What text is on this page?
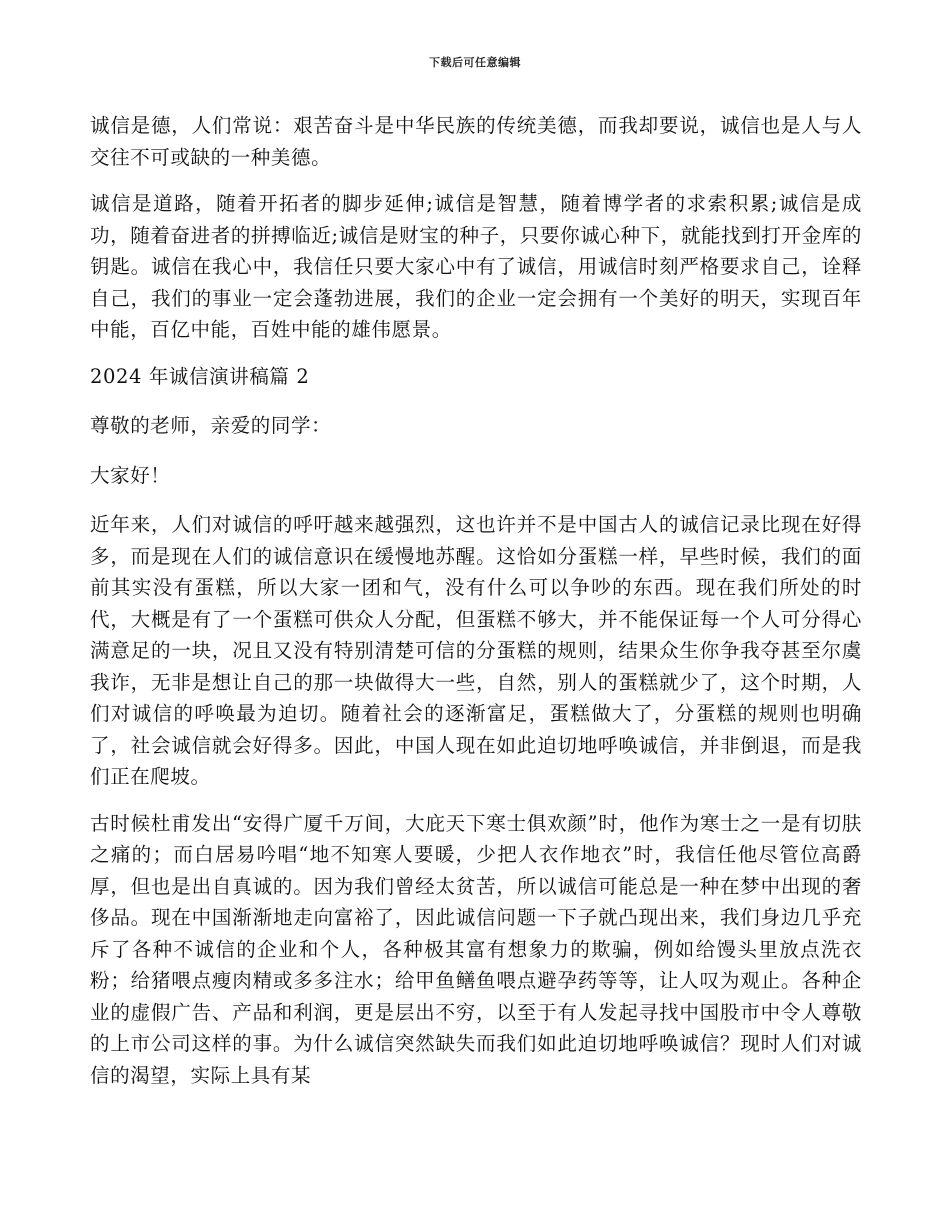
下载后可任意编辑

诚信是德，人们常说：艰苦奋斗是中华民族的传统美德，而我却要说，诚信也是人与人交往不可或缺的一种美德。

诚信是道路，随着开拓者的脚步延伸;诚信是智慧，随着博学者的求索积累;诚信是成功，随着奋进者的拼搏临近;诚信是财宝的种子，只要你诚心种下，就能找到打开金库的钥匙。诚信在我心中，我信任只要大家心中有了诚信，用诚信时刻严格要求自己，诠释自己，我们的事业一定会蓬勃进展，我们的企业一定会拥有一个美好的明天，实现百年中能，百亿中能，百姓中能的雄伟愿景。

2024 年诚信演讲稿篇 2

尊敬的老师，亲爱的同学：

大家好！

近年来，人们对诚信的呼吁越来越强烈，这也许并不是中国古人的诚信记录比现在好得多，而是现在人们的诚信意识在缓慢地苏醒。这恰如分蛋糕一样，早些时候，我们的面前其实没有蛋糕，所以大家一团和气，没有什么可以争吵的东西。现在我们所处的时代，大概是有了一个蛋糕可供众人分配，但蛋糕不够大，并不能保证每一个人可分得心满意足的一块，况且又没有特别清楚可信的分蛋糕的规则，结果众生你争我夺甚至尔虞我诈，无非是想让自己的那一块做得大一些，自然，别人的蛋糕就少了，这个时期，人们对诚信的呼唤最为迫切。随着社会的逐渐富足，蛋糕做大了，分蛋糕的规则也明确了，社会诚信就会好得多。因此，中国人现在如此迫切地呼唤诚信，并非倒退，而是我们正在爬坡。

古时候杜甫发出“安得广厦千万间，大庇天下寒士俱欢颜”时，他作为寒士之一是有切肤之痛的；而白居易吟唱“地不知寒人要暖，少把人衣作地衣”时，我信任他尽管位高爵厚，但也是出自真诚的。因为我们曾经太贫苦，所以诚信可能总是一种在梦中出现的奢侈品。现在中国渐渐地走向富裕了，因此诚信问题一下子就凸现出来，我们身边几乎充斥了各种不诚信的企业和个人，各种极其富有想象力的欺骗，例如给馒头里放点洗衣粉；给猪喂点瘦肉精或多多注水；给甲鱼鳝鱼喂点避孕药等等，让人叹为观止。各种企业的虚假广告、产品和利润，更是层出不穷，以至于有人发起寻找中国股市中令人尊敬的上市公司这样的事。为什么诚信突然缺失而我们如此迫切地呼唤诚信？现时人们对诚信的渴望，实际上具有某
